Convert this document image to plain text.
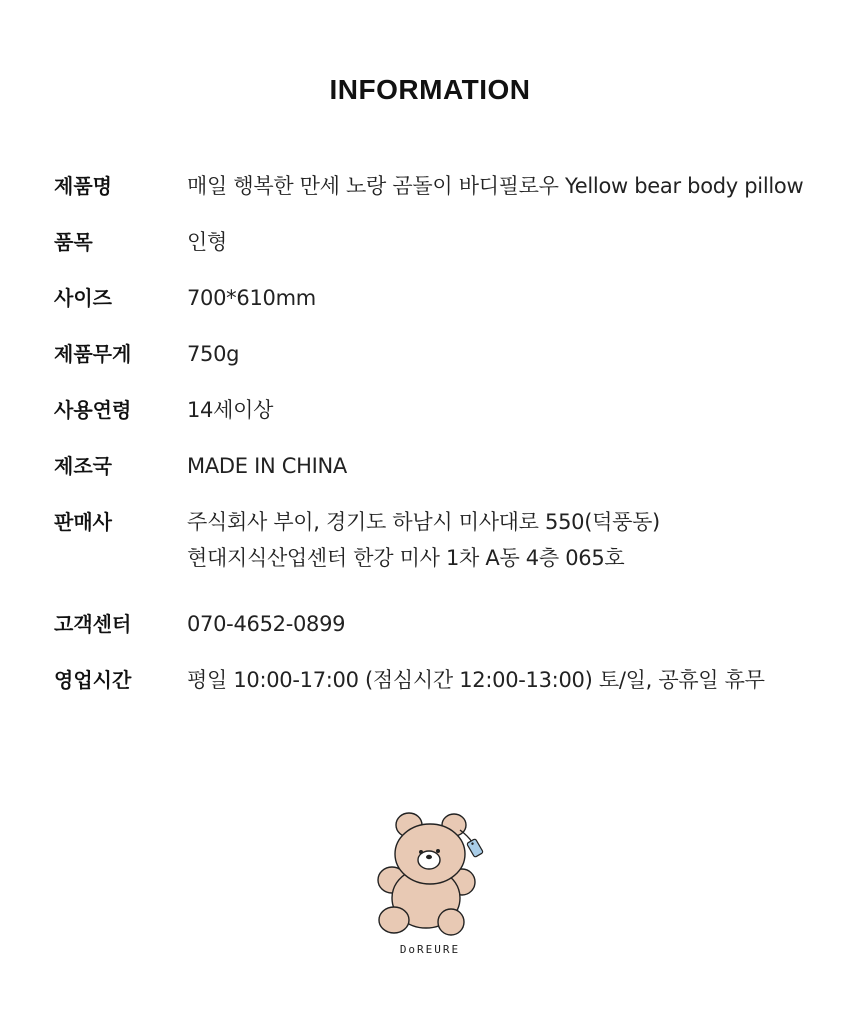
INFORMATION
제품명	매일 행복한 만세 노랑 곰돌이 바디필로우 Yellow bear body pillow
품목	인형
사이즈	700*610mm
제품무게	750g
사용연령	14세이상
제조국	MADE IN CHINA
판매사	주식회사 부이, 경기도 하남시 미사대로 550(덕풍동)
현대지식산업센터 한강 미사 1차 A동 4층 065호
고객센터	070-4652-0899
영업시간	평일 10:00-17:00 (점심시간 12:00-13:00) 토/일, 공휴일 휴무
DoREURE
